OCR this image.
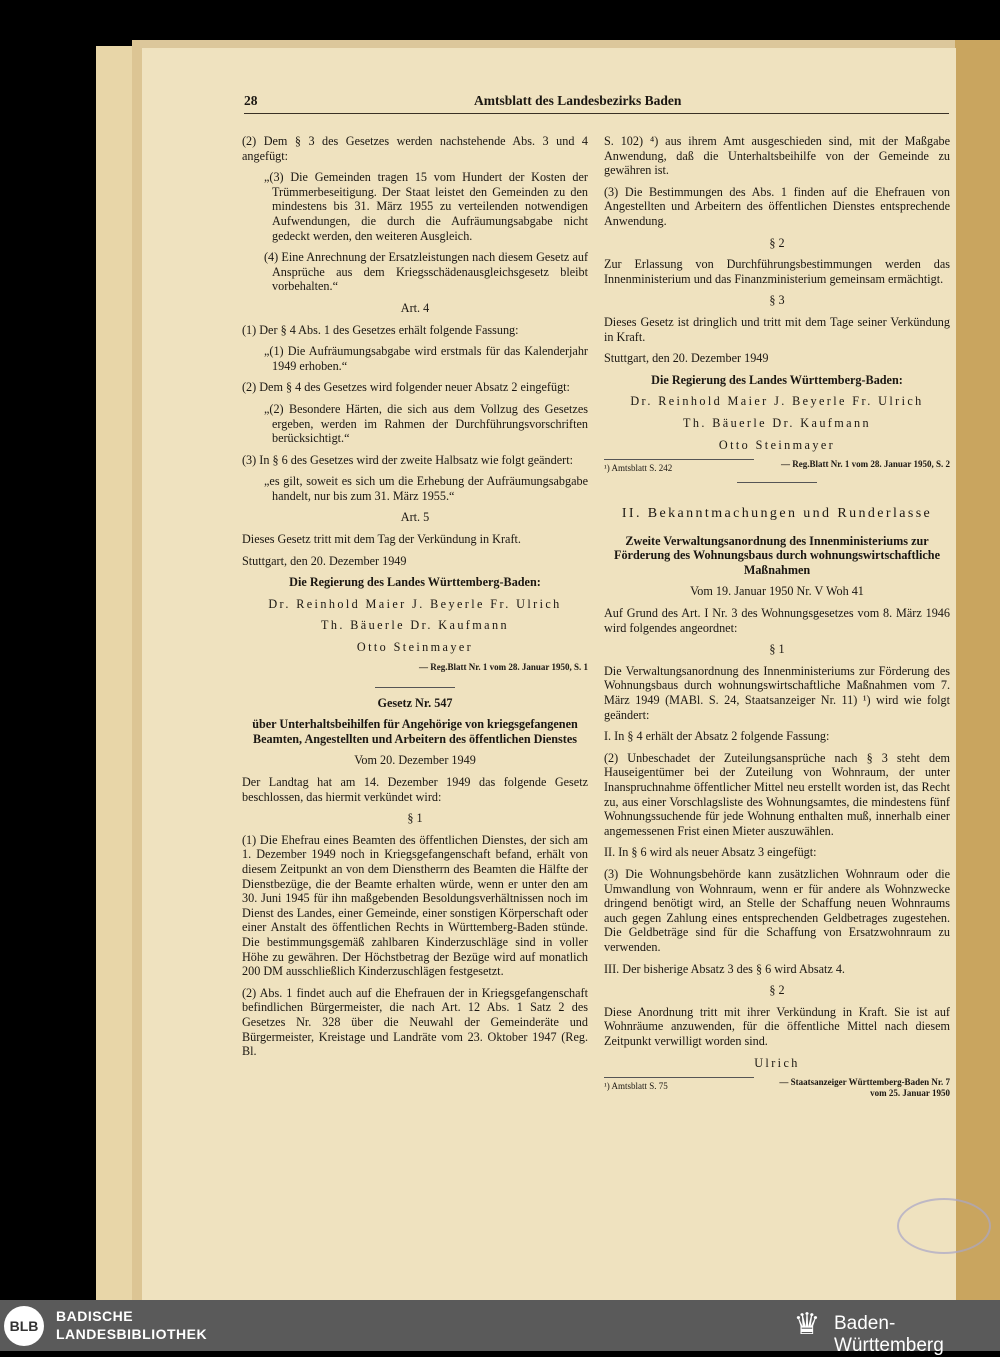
28	Amtsblatt des Landesbezirks Baden

(2) Dem § 3 des Gesetzes werden nachstehende Abs. 3 und 4 angefügt:

„(3) Die Gemeinden tragen 15 vom Hundert der Kosten der Trümmerbeseitigung. Der Staat leistet den Gemeinden zu den mindestens bis 31. März 1955 zu verteilenden notwendigen Aufwendungen, die durch die Aufräumungsabgabe nicht gedeckt werden, den weiteren Ausgleich.

(4) Eine Anrechnung der Ersatzleistungen nach diesem Gesetz auf Ansprüche aus dem Kriegsschädenausgleichsgesetz bleibt vorbehalten.“

Art. 4

(1) Der § 4 Abs. 1 des Gesetzes erhält folgende Fassung:

„(1) Die Aufräumungsabgabe wird erstmals für das Kalenderjahr 1949 erhoben.“

(2) Dem § 4 des Gesetzes wird folgender neuer Absatz 2 eingefügt:

„(2) Besondere Härten, die sich aus dem Vollzug des Gesetzes ergeben, werden im Rahmen der Durchführungsvorschriften berücksichtigt.“

(3) In § 6 des Gesetzes wird der zweite Halbsatz wie folgt geändert:

„es gilt, soweit es sich um die Erhebung der Aufräumungsabgabe handelt, nur bis zum 31. März 1955.“

Art. 5

Dieses Gesetz tritt mit dem Tag der Verkündung in Kraft.

Stuttgart, den 20. Dezember 1949

Die Regierung des Landes Württemberg-Baden:

Dr. Reinhold Maier J. Beyerle Fr. Ulrich

Th. Bäuerle Dr. Kaufmann

Otto Steinmayer

— Reg.Blatt Nr. 1 vom 28. Januar 1950, S. 1

Gesetz Nr. 547

über Unterhaltsbeihilfen für Angehörige von kriegsgefangenen Beamten, Angestellten und Arbeitern des öffentlichen Dienstes

Vom 20. Dezember 1949

Der Landtag hat am 14. Dezember 1949 das folgende Gesetz beschlossen, das hiermit verkündet wird:

§ 1

(1) Die Ehefrau eines Beamten des öffentlichen Dienstes, der sich am 1. Dezember 1949 noch in Kriegsgefangenschaft befand, erhält von diesem Zeitpunkt an von dem Dienstherrn des Beamten die Hälfte der Dienstbezüge, die der Beamte erhalten würde, wenn er unter den am 30. Juni 1945 für ihn maßgebenden Besoldungsverhältnissen noch im Dienst des Landes, einer Gemeinde, einer sonstigen Körperschaft oder einer Anstalt des öffentlichen Rechts in Württemberg-Baden stünde. Die bestimmungsgemäß zahlbaren Kinderzuschläge sind in voller Höhe zu gewähren. Der Höchstbetrag der Bezüge wird auf monatlich 200 DM ausschließlich Kinderzuschlägen festgesetzt.

(2) Abs. 1 findet auch auf die Ehefrauen der in Kriegsgefangenschaft befindlichen Bürgermeister, die nach Art. 12 Abs. 1 Satz 2 des Gesetzes Nr. 328 über die Neuwahl der Gemeinderäte und Bürgermeister, Kreistage und Landräte vom 23. Oktober 1947 (Reg. Bl.

S. 102) ⁴) aus ihrem Amt ausgeschieden sind, mit der Maßgabe Anwendung, daß die Unterhaltsbeihilfe von der Gemeinde zu gewähren ist.

(3) Die Bestimmungen des Abs. 1 finden auf die Ehefrauen von Angestellten und Arbeitern des öffentlichen Dienstes entsprechende Anwendung.

§ 2

Zur Erlassung von Durchführungsbestimmungen werden das Innenministerium und das Finanzministerium gemeinsam ermächtigt.

§ 3

Dieses Gesetz ist dringlich und tritt mit dem Tage seiner Verkündung in Kraft.

Stuttgart, den 20. Dezember 1949

Die Regierung des Landes Württemberg-Baden:

Dr. Reinhold Maier J. Beyerle Fr. Ulrich

Th. Bäuerle Dr. Kaufmann

Otto Steinmayer

¹) Amtsblatt S. 242	— Reg.Blatt Nr. 1 vom 28. Januar 1950, S. 2

II. Bekanntmachungen und Runderlasse

Zweite Verwaltungsanordnung des Innenministeriums zur Förderung des Wohnungsbaus durch wohnungswirtschaftliche Maßnahmen

Vom 19. Januar 1950 Nr. V Woh 41

Auf Grund des Art. I Nr. 3 des Wohnungsgesetzes vom 8. März 1946 wird folgendes angeordnet:

§ 1

Die Verwaltungsanordnung des Innenministeriums zur Förderung des Wohnungsbaus durch wohnungswirtschaftliche Maßnahmen vom 7. März 1949 (MABl. S. 24, Staatsanzeiger Nr. 11) ¹) wird wie folgt geändert:

I. In § 4 erhält der Absatz 2 folgende Fassung:

(2) Unbeschadet der Zuteilungsansprüche nach § 3 steht dem Hauseigentümer bei der Zuteilung von Wohnraum, der unter Inanspruchnahme öffentlicher Mittel neu erstellt worden ist, das Recht zu, aus einer Vorschlagsliste des Wohnungsamtes, die mindestens fünf Wohnungssuchende für jede Wohnung enthalten muß, innerhalb einer angemessenen Frist einen Mieter auszuwählen.

II. In § 6 wird als neuer Absatz 3 eingefügt:

(3) Die Wohnungsbehörde kann zusätzlichen Wohnraum oder die Umwandlung von Wohnraum, wenn er für andere als Wohnzwecke dringend benötigt wird, an Stelle der Schaffung neuen Wohnraums auch gegen Zahlung eines entsprechenden Geldbetrages zugestehen. Die Geldbeträge sind für die Schaffung von Ersatzwohnraum zu verwenden.

III. Der bisherige Absatz 3 des § 6 wird Absatz 4.

§ 2

Diese Anordnung tritt mit ihrer Verkündung in Kraft. Sie ist auf Wohnräume anzuwenden, für die öffentliche Mittel nach diesem Zeitpunkt verwilligt worden sind.

Ulrich

¹) Amtsblatt S. 75	— Staatsanzeiger Württemberg-Baden Nr. 7 vom 25. Januar 1950
BLB
BADISCHE
LANDESBIBLIOTHEK	♛ Baden-Württemberg
